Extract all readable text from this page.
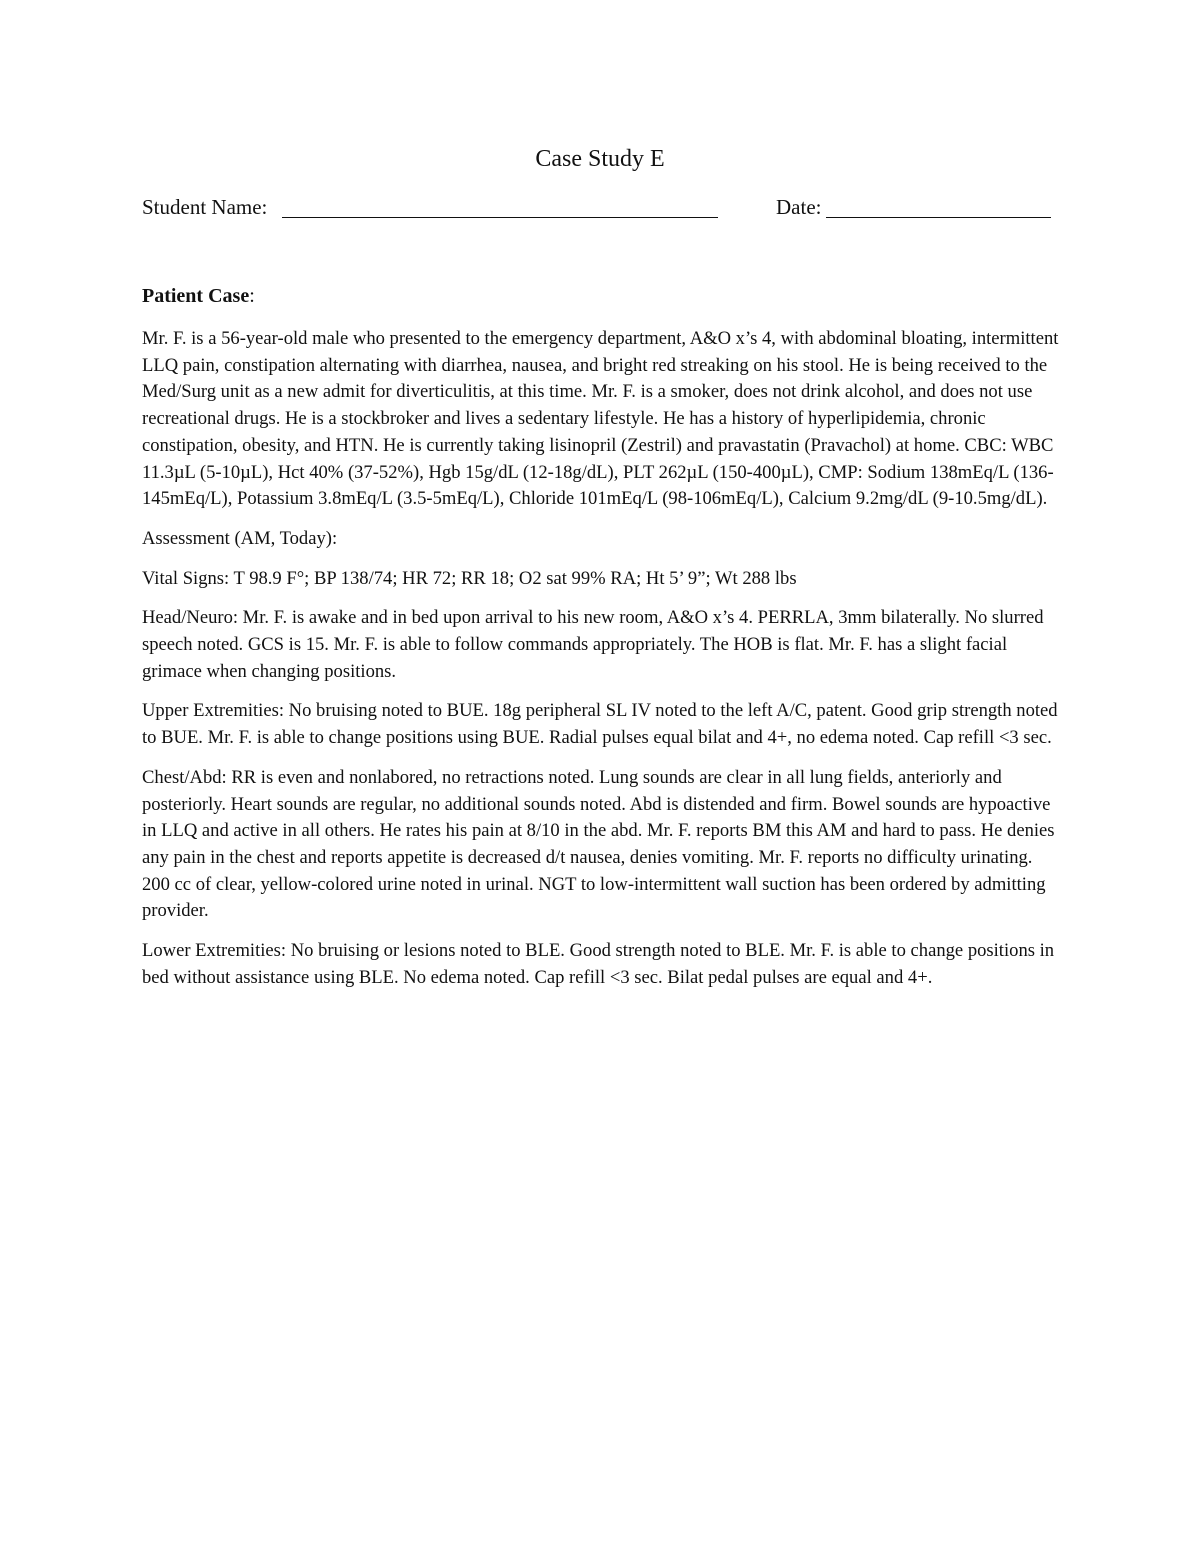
Case Study E
Student Name:	Date:
Patient Case:

Mr. F. is a 56-year-old male who presented to the emergency department, A&O x’s 4, with abdominal bloating, intermittent LLQ pain, constipation alternating with diarrhea, nausea, and bright red streaking on his stool. He is being received to the Med/Surg unit as a new admit for diverticulitis, at this time. Mr. F. is a smoker, does not drink alcohol, and does not use recreational drugs. He is a stockbroker and lives a sedentary lifestyle. He has a history of hyperlipidemia, chronic constipation, obesity, and HTN. He is currently taking lisinopril (Zestril) and pravastatin (Pravachol) at home. CBC: WBC 11.3µL (5-10µL), Hct 40% (37-52%), Hgb 15g/dL (12-18g/dL), PLT 262µL (150-400µL), CMP: Sodium 138mEq/L (136-145mEq/L), Potassium 3.8mEq/L (3.5-5mEq/L), Chloride 101mEq/L (98-106mEq/L), Calcium 9.2mg/dL (9-10.5mg/dL).

Assessment (AM, Today):

Vital Signs: T 98.9 F°; BP 138/74; HR 72; RR 18; O2 sat 99% RA; Ht 5’ 9”; Wt 288 lbs

Head/Neuro: Mr. F. is awake and in bed upon arrival to his new room, A&O x’s 4. PERRLA, 3mm bilaterally. No slurred speech noted. GCS is 15. Mr. F. is able to follow commands appropriately. The HOB is flat. Mr. F. has a slight facial grimace when changing positions.

Upper Extremities: No bruising noted to BUE. 18g peripheral SL IV noted to the left A/C, patent. Good grip strength noted to BUE. Mr. F. is able to change positions using BUE. Radial pulses equal bilat and 4+, no edema noted. Cap refill <3 sec.

Chest/Abd: RR is even and nonlabored, no retractions noted. Lung sounds are clear in all lung fields, anteriorly and posteriorly. Heart sounds are regular, no additional sounds noted. Abd is distended and firm. Bowel sounds are hypoactive in LLQ and active in all others. He rates his pain at 8/10 in the abd. Mr. F. reports BM this AM and hard to pass. He denies any pain in the chest and reports appetite is decreased d/t nausea, denies vomiting. Mr. F. reports no difficulty urinating. 200 cc of clear, yellow-colored urine noted in urinal. NGT to low-intermittent wall suction has been ordered by admitting provider.

Lower Extremities: No bruising or lesions noted to BLE. Good strength noted to BLE. Mr. F. is able to change positions in bed without assistance using BLE. No edema noted. Cap refill <3 sec. Bilat pedal pulses are equal and 4+.
